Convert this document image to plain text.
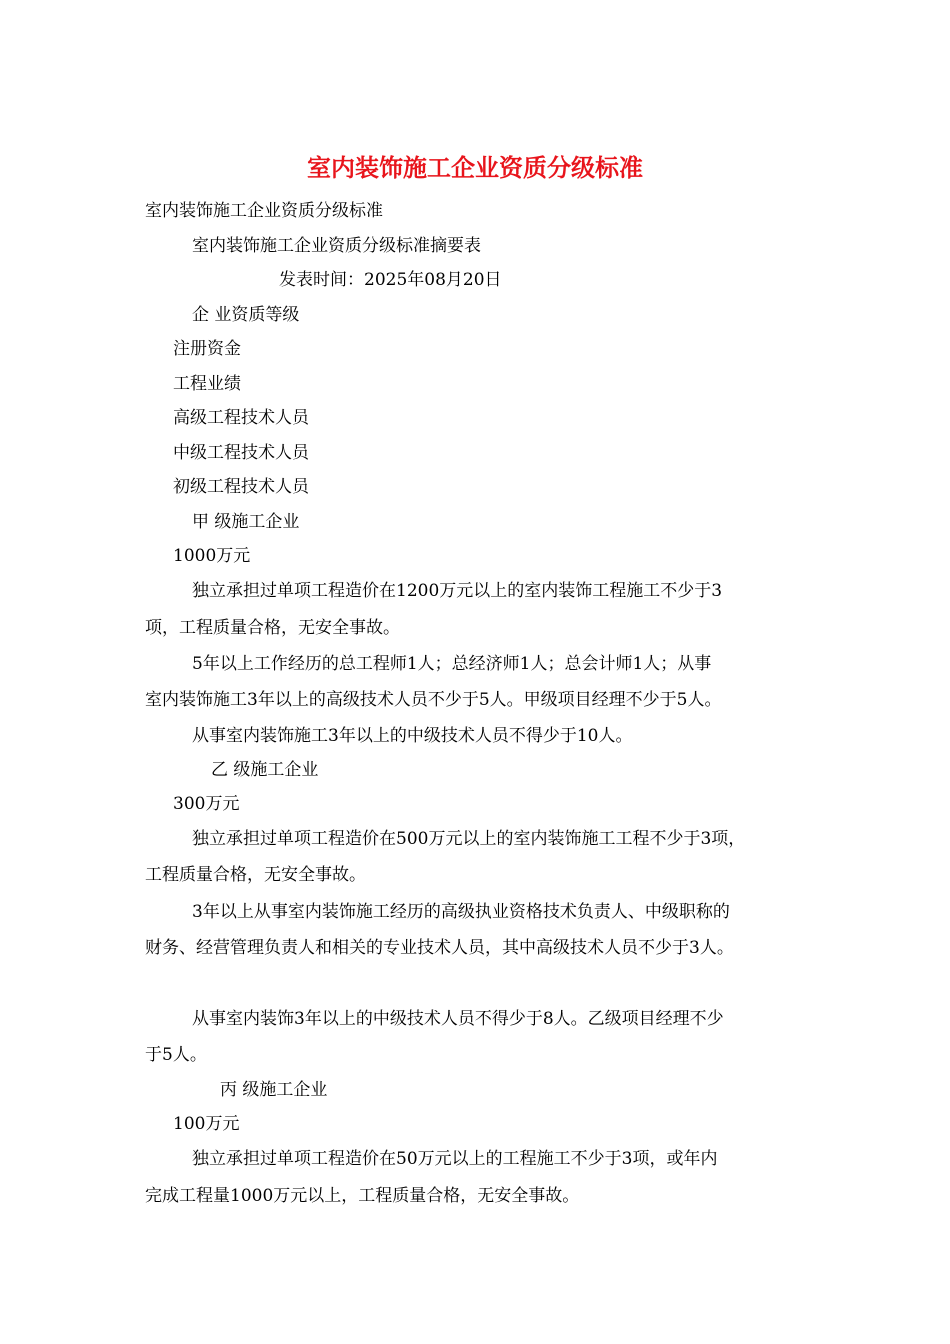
室内装饰施工企业资质分级标准
室内装饰施工企业资质分级标准
室内装饰施工企业资质分级标准摘要表
发表时间：2025年08月20日
企 业资质等级
注册资金
工程业绩
高级工程技术人员
中级工程技术人员
初级工程技术人员
甲 级施工企业
1000万元
独立承担过单项工程造价在1200万元以上的室内装饰工程施工不少于3
项，工程质量合格，无安全事故。
5年以上工作经历的总工程师1人；总经济师1人；总会计师1人；从事
室内装饰施工3年以上的高级技术人员不少于5人。甲级项目经理不少于5人。
从事室内装饰施工3年以上的中级技术人员不得少于10人。
乙 级施工企业
300万元
独立承担过单项工程造价在500万元以上的室内装饰施工工程不少于3项，
工程质量合格，无安全事故。
3年以上从事室内装饰施工经历的高级执业资格技术负责人、中级职称的
财务、经营管理负责人和相关的专业技术人员，其中高级技术人员不少于3人。
从事室内装饰3年以上的中级技术人员不得少于8人。乙级项目经理不少
于5人。
丙 级施工企业
100万元
独立承担过单项工程造价在50万元以上的工程施工不少于3项，或年内
完成工程量1000万元以上，工程质量合格，无安全事故。
